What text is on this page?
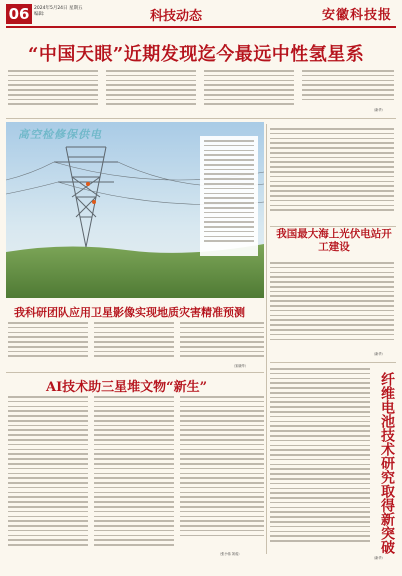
06	2024年5月24日 星期五
编辑:	科技动态	安徽科技报
“中国天眼”近期发现迄今最远中性氢星系
（新华）
高空检修保供电
我国最大海上光伏电站开工建设
（新华）
我科研团队应用卫星影像实现地质灾害精准预测
（宋晓华）
AI技术助三星堆文物“新生”
（张小伟 刘成）	纤维电池技术研究取得新突破
（新华）
